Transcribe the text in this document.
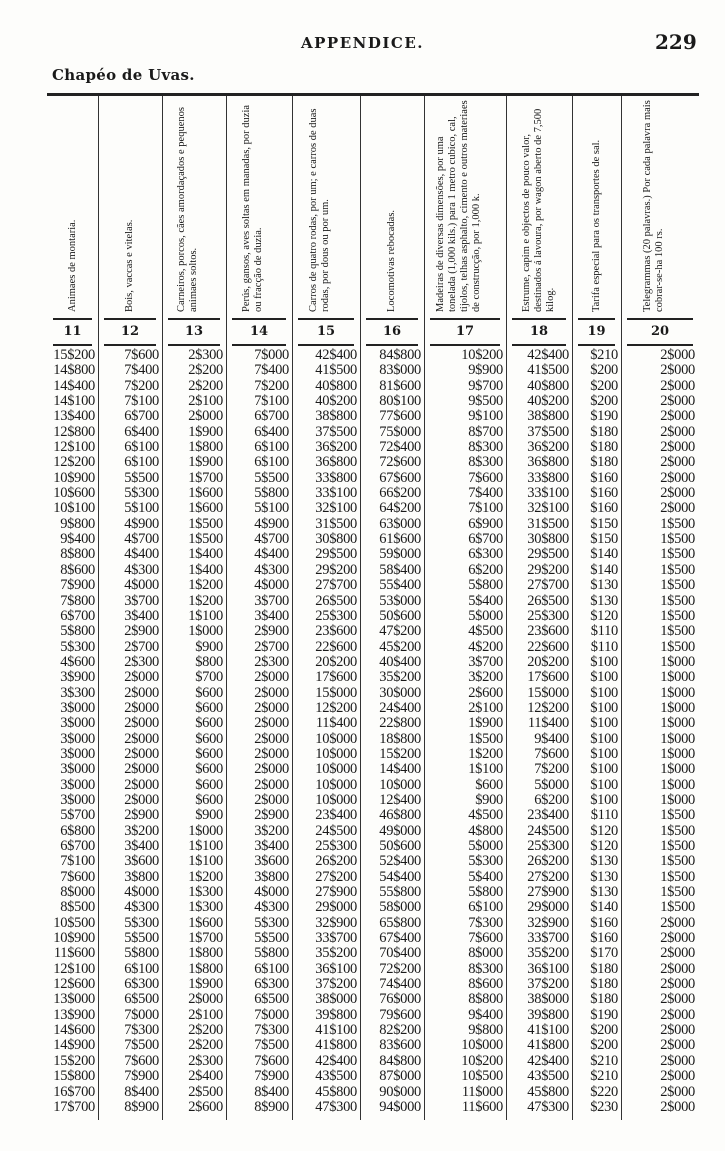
APPENDICE.	229
Chapéo de Uvas.
15$200	7$600	2$300	7$000	42$400	84$800	10$200	42$400	$210	2$000
14$800	7$400	2$200	7$400	41$500	83$000	9$900	41$500	$200	2$000
14$400	7$200	2$200	7$200	40$800	81$600	9$700	40$800	$200	2$000
14$100	7$100	2$100	7$100	40$200	80$100	9$500	40$200	$200	2$000
13$400	6$700	2$000	6$700	38$800	77$600	9$100	38$800	$190	2$000
12$800	6$400	1$900	6$400	37$500	75$000	8$700	37$500	$180	2$000
12$100	6$100	1$800	6$100	36$200	72$400	8$300	36$200	$180	2$000
12$200	6$100	1$900	6$100	36$800	72$600	8$300	36$800	$180	2$000
10$900	5$500	1$700	5$500	33$800	67$600	7$600	33$800	$160	2$000
10$600	5$300	1$600	5$800	33$100	66$200	7$400	33$100	$160	2$000
10$100	5$100	1$600	5$100	32$100	64$200	7$100	32$100	$160	2$000
9$800	4$900	1$500	4$900	31$500	63$000	6$900	31$500	$150	1$500
9$400	4$700	1$500	4$700	30$800	61$600	6$700	30$800	$150	1$500
8$800	4$400	1$400	4$400	29$500	59$000	6$300	29$500	$140	1$500
8$600	4$300	1$400	4$300	29$200	58$400	6$200	29$200	$140	1$500
7$900	4$000	1$200	4$000	27$700	55$400	5$800	27$700	$130	1$500
7$800	3$700	1$200	3$700	26$500	53$000	5$400	26$500	$130	1$500
6$700	3$400	1$100	3$400	25$300	50$600	5$000	25$300	$120	1$500
5$800	2$900	1$000	2$900	23$600	47$200	4$500	23$600	$110	1$500
5$300	2$700	$900	2$700	22$600	45$200	4$200	22$600	$110	1$500
4$600	2$300	$800	2$300	20$200	40$400	3$700	20$200	$100	1$000
3$900	2$000	$700	2$000	17$600	35$200	3$200	17$600	$100	1$000
3$300	2$000	$600	2$000	15$000	30$000	2$600	15$000	$100	1$000
3$000	2$000	$600	2$000	12$200	24$400	2$100	12$200	$100	1$000
3$000	2$000	$600	2$000	11$400	22$800	1$900	11$400	$100	1$000
3$000	2$000	$600	2$000	10$000	18$800	1$500	9$400	$100	1$000
3$000	2$000	$600	2$000	10$000	15$200	1$200	7$600	$100	1$000
3$000	2$000	$600	2$000	10$000	14$400	1$100	7$200	$100	1$000
3$000	2$000	$600	2$000	10$000	10$000	$600	5$000	$100	1$000
3$000	2$000	$600	2$000	10$000	12$400	$900	6$200	$100	1$000
5$700	2$900	$900	2$900	23$400	46$800	4$500	23$400	$110	1$500
6$800	3$200	1$000	3$200	24$500	49$000	4$800	24$500	$120	1$500
6$700	3$400	1$100	3$400	25$300	50$600	5$000	25$300	$120	1$500
7$100	3$600	1$100	3$600	26$200	52$400	5$300	26$200	$130	1$500
7$600	3$800	1$200	3$800	27$200	54$400	5$400	27$200	$130	1$500
8$000	4$000	1$300	4$000	27$900	55$800	5$800	27$900	$130	1$500
8$500	4$300	1$300	4$300	29$000	58$000	6$100	29$000	$140	1$500
10$500	5$300	1$600	5$300	32$900	65$800	7$300	32$900	$160	2$000
10$900	5$500	1$700	5$500	33$700	67$400	7$600	33$700	$160	2$000
11$600	5$800	1$800	5$800	35$200	70$400	8$000	35$200	$170	2$000
12$100	6$100	1$800	6$100	36$100	72$200	8$300	36$100	$180	2$000
12$600	6$300	1$900	6$300	37$200	74$400	8$600	37$200	$180	2$000
13$000	6$500	2$000	6$500	38$000	76$000	8$800	38$000	$180	2$000
13$900	7$000	2$100	7$000	39$800	79$600	9$400	39$800	$190	2$000
14$600	7$300	2$200	7$300	41$100	82$200	9$800	41$100	$200	2$000
14$900	7$500	2$200	7$500	41$800	83$600	10$000	41$800	$200	2$000
15$200	7$600	2$300	7$600	42$400	84$800	10$200	42$400	$210	2$000
15$800	7$900	2$400	7$900	43$500	87$000	10$500	43$500	$210	2$000
16$700	8$400	2$500	8$400	45$800	90$000	11$000	45$800	$220	2$000
17$700	8$900	2$600	8$900	47$300	94$000	11$600	47$300	$230	2$000
Animaes de montaria.
11
Bois, vaccas e vitelas.
12
Carneiros, porcos, cães amordaçados e pequenos animaes soltos.
13
Perús, gansos, aves soltas em manadas, por duzia ou fracção de duzia.
14
Carros de quatro rodas, por um; e carros de duas rodas, por dous ou por um.
15
Locomotivas rebocadas.
16
Madeiras de diversas dimensões, por uma tonelada (1,000 kils.) para 1 metro cubico, cal, tijolos, telhas asphalto, cimento e outros materiaes de construcção, por 1,000 k.
17
Estrume, capim e objectos de pouco valor, destinados á lavoura, por wagon aberto de 7,500 kilog.
18
Tarifa especial para os transportes de sal.
19
Telegrammas (20 palavras.) Por cada palavra mais cobrar-se-ha 100 rs.
20
